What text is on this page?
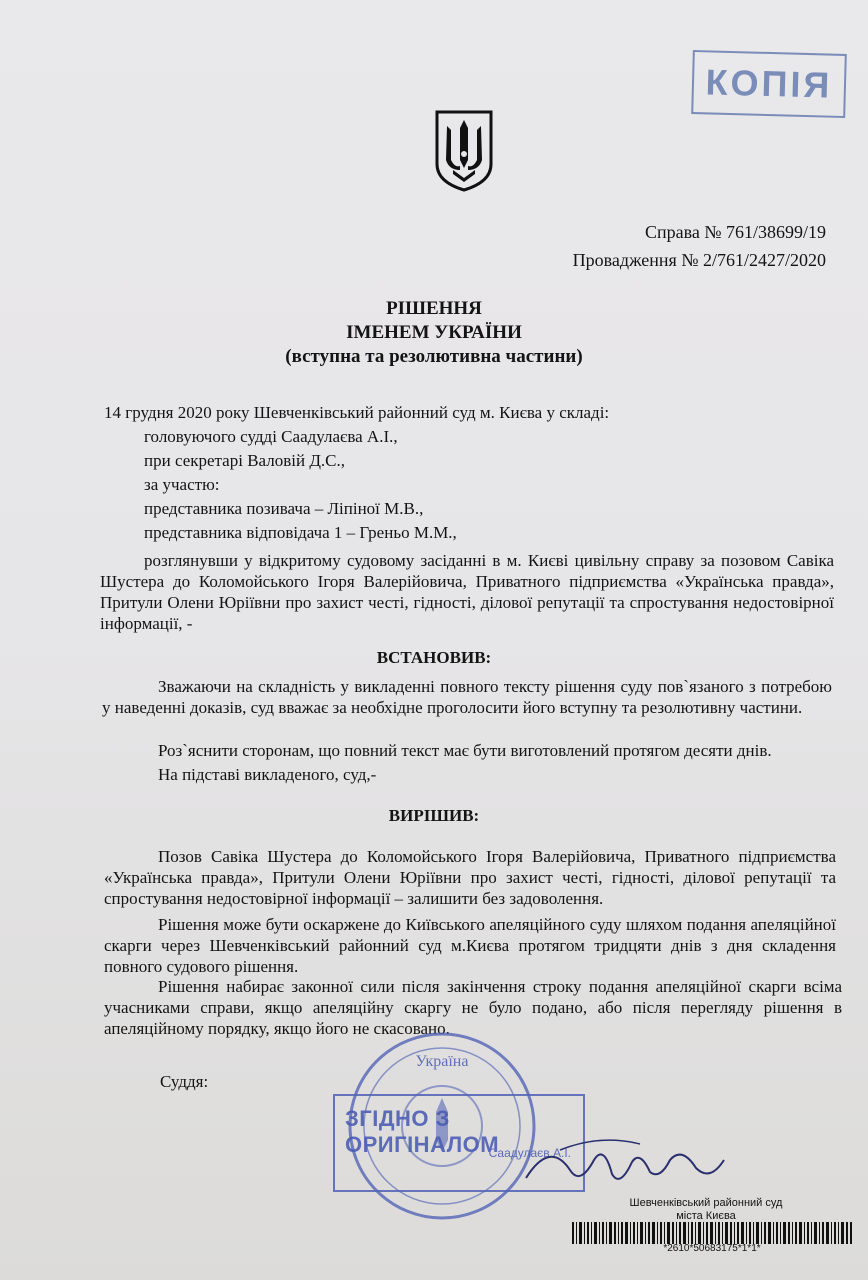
КОПІЯ
Справа № 761/38699/19
Провадження № 2/761/2427/2020
РІШЕННЯ
ІМЕНЕМ УКРАЇНИ
(вступна та резолютивна частини)
14 грудня 2020 року Шевченківський районний суд м. Києва у складі:
головуючого судді Саадулаєва А.І.,
при секретарі Валовій Д.С.,
за участю:
представника позивача – Ліпіної М.В.,
представника відповідача 1 – Греньо М.М.,
розглянувши у відкритому судовому засіданні в м. Києві цивільну справу за позовом Савіка Шустера до Коломойського Ігоря Валерійовича, Приватного підприємства «Українська правда», Притули Олени Юріївни про захист честі, гідності, ділової репутації та спростування недостовірної інформації, -
ВСТАНОВИВ:
Зважаючи на складність у викладенні повного тексту рішення суду пов`язаного з потребою у наведенні доказів, суд вважає за необхідне проголосити його вступну та резолютивну частини.
Роз`яснити сторонам, що повний текст має бути виготовлений протягом десяти днів.
На підставі викладеного, суд,-
ВИРІШИВ:
Позов Савіка Шустера до Коломойського Ігоря Валерійовича, Приватного підприємства «Українська правда», Притули Олени Юріївни про захист честі, гідності, ділової репутації та спростування недостовірної інформації – залишити без задоволення.
Рішення може бути оскаржене до Київського апеляційного суду шляхом подання апеляційної скарги через Шевченківський районний суд м.Києва протягом тридцяти днів з дня складення повного судового рішення.
Рішення набирає законної сили після закінчення строку подання апеляційної скарги всіма учасниками справи, якщо апеляційну скаргу не було подано, або після перегляду рішення в апеляційному порядку, якщо його не скасовано.
Суддя:
Україна
ЗГІДНО З ОРИГІНАЛОМ
Саадулаєв А.І.
Шевченківський районний суд
міста Києва
*2610*50683175*1*1*
